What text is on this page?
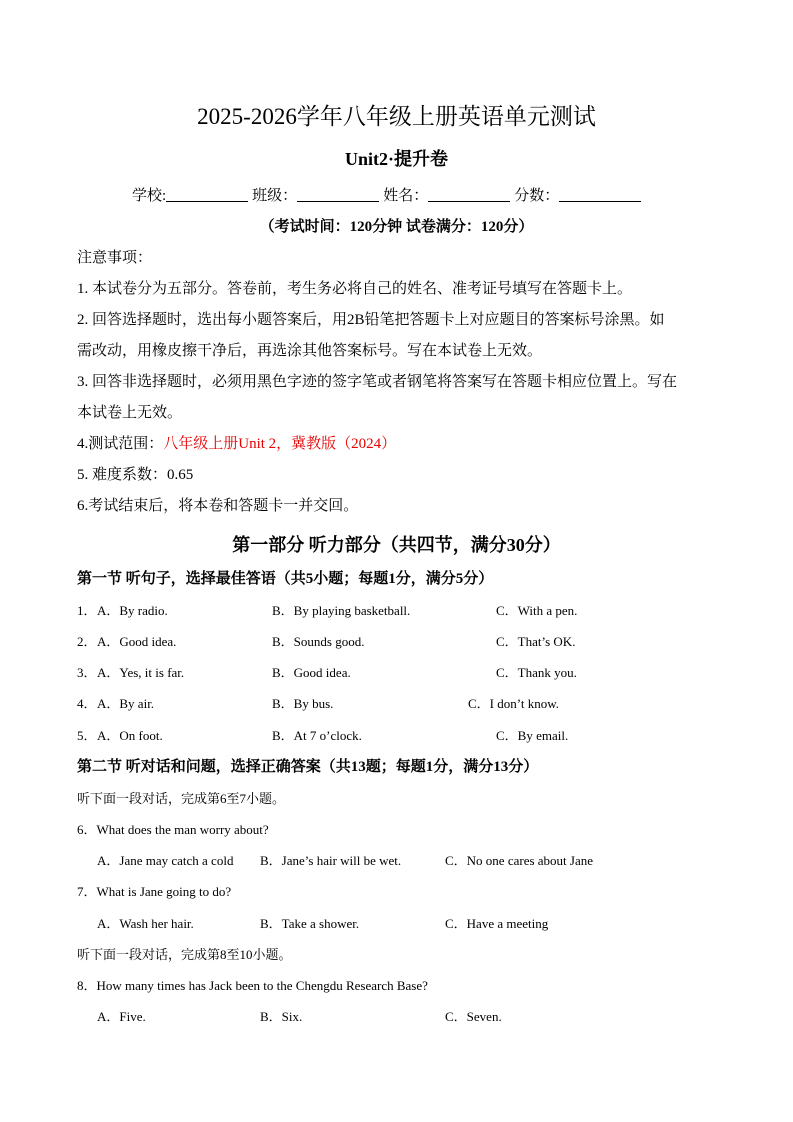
2025-2026学年八年级上册英语单元测试
Unit2·提升卷
学校:	班级：	姓名：	分数：
（考试时间：120分钟 试卷满分：120分）
注意事项：
1. 本试卷分为五部分。答卷前，考生务必将自己的姓名、准考证号填写在答题卡上。
2. 回答选择题时，选出每小题答案后，用2B铅笔把答题卡上对应题目的答案标号涂黑。如
需改动，用橡皮擦干净后，再选涂其他答案标号。写在本试卷上无效。
3. 回答非选择题时，必须用黑色字迹的签字笔或者钢笔将答案写在答题卡相应位置上。写在
本试卷上无效。
4.测试范围：八年级上册Unit 2，冀教版（2024）
5. 难度系数：0.65
6.考试结束后，将本卷和答题卡一并交回。
第一部分 听力部分（共四节，满分30分）
第一节 听句子，选择最佳答语（共5小题；每题1分，满分5分）
1． A．By radio.	B．By playing basketball.	C．With a pen.
2． A．Good idea.	B．Sounds good.	C．That’s OK.
3． A．Yes, it is far.	B．Good idea.	C．Thank you.
4． A．By air.	B．By bus.	C．I don’t know.
5． A．On foot.	B．At 7 o’clock.	C．By email.
第二节 听对话和问题，选择正确答案（共13题；每题1分，满分13分）
听下面一段对话，完成第6至7小题。
6．What does the man worry about?
A．Jane may catch a cold B．Jane’s hair will be wet.	C．No one cares about Jane
7．What is Jane going to do?
A．Wash her hair.	B．Take a shower.	C．Have a meeting
听下面一段对话，完成第8至10小题。
8．How many times has Jack been to the Chengdu Research Base?
A．Five.	B．Six.	C．Seven.
